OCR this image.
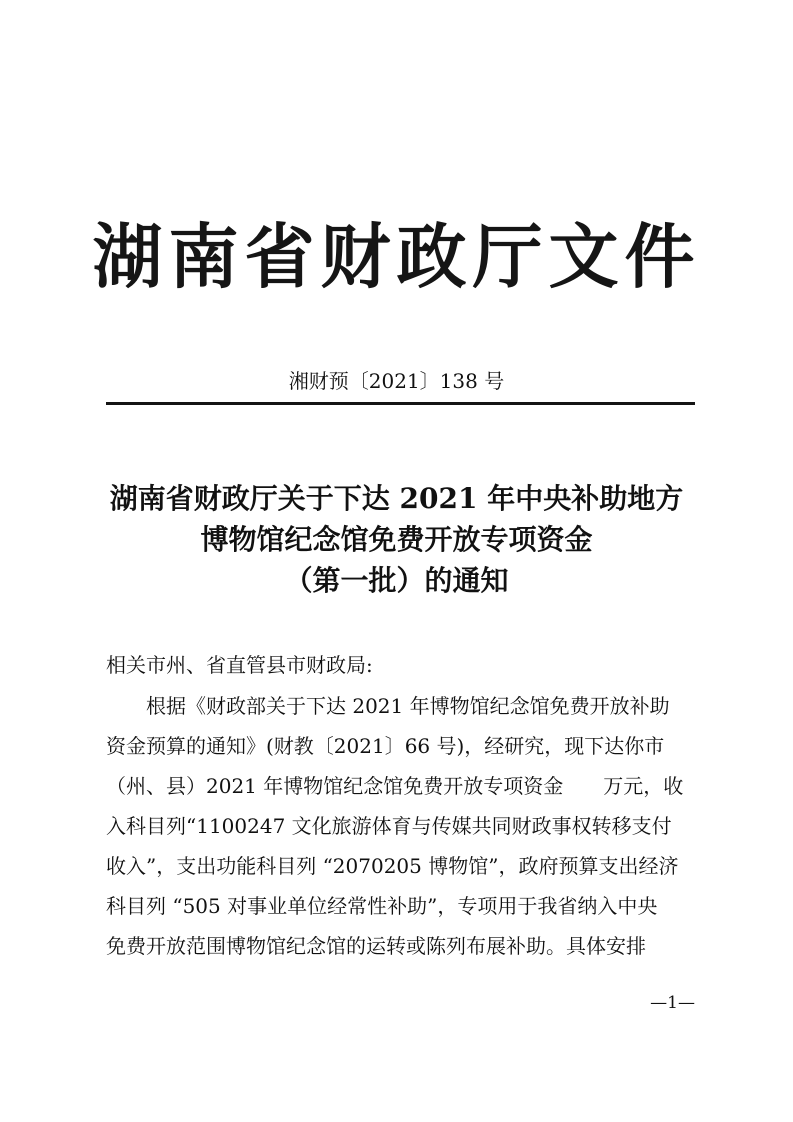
湖南省财政厅文件
湘财预〔2021〕138 号
湖南省财政厅关于下达 2021 年中央补助地方
博物馆纪念馆免费开放专项资金
（第一批）的通知
相关市州、省直管县市财政局:
根据《财政部关于下达 2021 年博物馆纪念馆免费开放补助
资金预算的通知》(财教〔2021〕66 号)，经研究，现下达你市
（州、县）2021 年博物馆纪念馆免费开放专项资金　　万元，收
入科目列“1100247 文化旅游体育与传媒共同财政事权转移支付
收入”，支出功能科目列 “2070205 博物馆”，政府预算支出经济
科目列 “505 对事业单位经常性补助”，专项用于我省纳入中央
免费开放范围博物馆纪念馆的运转或陈列布展补助。具体安排
—1—
